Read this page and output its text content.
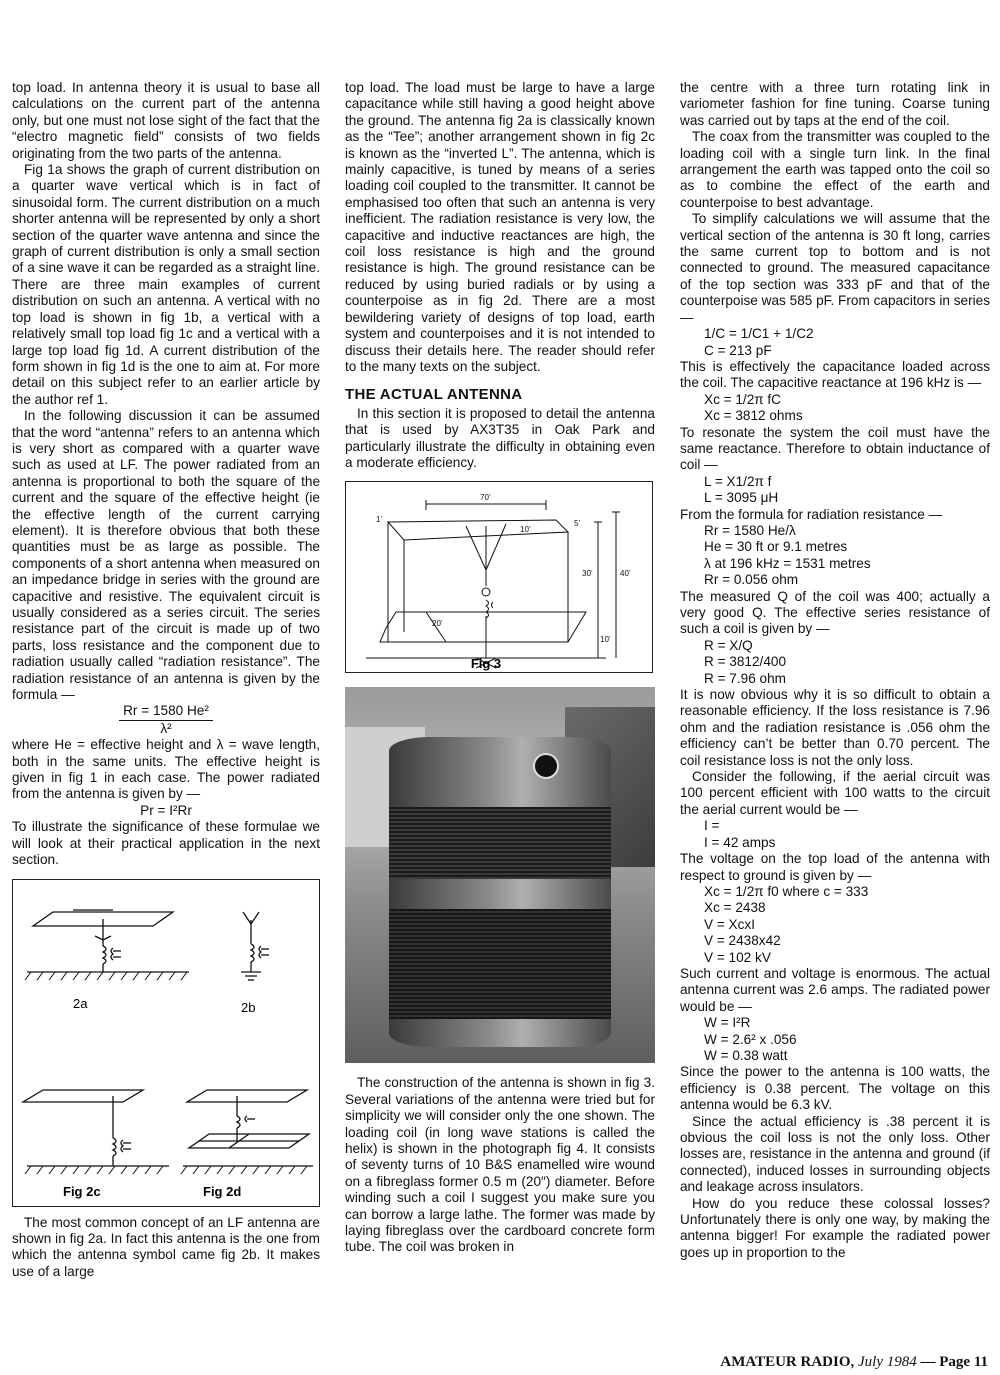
top load. In antenna theory it is usual to base all calculations on the current part of the antenna only, but one must not lose sight of the fact that the “electro magnetic field” consists of two fields originating from the two parts of the antenna.

Fig 1a shows the graph of current distribution on a quarter wave vertical which is in fact of sinusoidal form. The current distribution on a much shorter antenna will be represented by only a short section of the quarter wave antenna and since the graph of current distribution is only a small section of a sine wave it can be regarded as a straight line. There are three main examples of current distribution on such an antenna. A vertical with no top load is shown in fig 1b, a vertical with a relatively small top load fig 1c and a vertical with a large top load fig 1d. A current distribution of the form shown in fig 1d is the one to aim at. For more detail on this subject refer to an earlier article by the author ref 1.

In the following discussion it can be assumed that the word “antenna” refers to an antenna which is very short as compared with a quarter wave such as used at LF. The power radiated from an antenna is proportional to both the square of the current and the square of the effective height (ie the effective length of the current carrying element). It is therefore obvious that both these quantities must be as large as possible. The components of a short antenna when measured on an impedance bridge in series with the ground are capacitive and resistive. The equivalent circuit is usually considered as a series circuit. The series resistance part of the circuit is made up of two parts, loss resistance and the component due to radiation usually called “radiation resistance”. The radiation resistance of an antenna is given by the formula —

Rr = 1580 He²
λ²

where He = effective height and λ = wave length, both in the same units. The effective height is given in fig 1 in each case. The power radiated from the antenna is given by —

Pr = I²Rr

To illustrate the significance of these formulae we will look at their practical application in the next section.

2a	2b
Fig 2c	Fig 2d

The most common concept of an LF antenna are shown in fig 2a. In fact this antenna is the one from which the antenna symbol came fig 2b. It makes use of a large

top load. The load must be large to have a large capacitance while still having a good height above the ground. The antenna fig 2a is classically known as the “Tee”; another arrangement shown in fig 2c is known as the “inverted L”. The antenna, which is mainly capacitive, is tuned by means of a series loading coil coupled to the transmitter. It cannot be emphasised too often that such an antenna is very inefficient. The radiation resistance is very low, the capacitive and inductive reactances are high, the coil loss resistance is high and the ground resistance is high. The ground resistance can be reduced by using buried radials or by using a counterpoise as in fig 2d. There are a most bewildering variety of designs of top load, earth system and counterpoises and it is not intended to discuss their details here. The reader should refer to the many texts on the subject.

THE ACTUAL ANTENNA

In this section it is proposed to detail the antenna that is used by AX3T35 in Oak Park and particularly illustrate the difficulty in obtaining even a moderate efficiency.

70’
10’
5’
20’
30’	40’
10’
1’
Fig 3

The construction of the antenna is shown in fig 3. Several variations of the antenna were tried but for simplicity we will consider only the one shown. The loading coil (in long wave stations is called the helix) is shown in the photograph fig 4. It consists of seventy turns of 10 B&S enamelled wire wound on a fibreglass former 0.5 m (20″) diameter. Before winding such a coil I suggest you make sure you can borrow a large lathe. The former was made by laying fibreglass over the cardboard concrete form tube. The coil was broken in

the centre with a three turn rotating link in variometer fashion for fine tuning. Coarse tuning was carried out by taps at the end of the coil.

The coax from the transmitter was coupled to the loading coil with a single turn link. In the final arrangement the earth was tapped onto the coil so as to combine the effect of the earth and counterpoise to best advantage.

To simplify calculations we will assume that the vertical section of the antenna is 30 ft long, carries the same current top to bottom and is not connected to ground. The measured capacitance of the top section was 333 pF and that of the counterpoise was 585 pF. From capacitors in series —

1/C = 1/C1 + 1/C2
C = 213 pF

This is effectively the capacitance loaded across the coil. The capacitive reactance at 196 kHz is —

Xc = 1/2π fC
Xc = 3812 ohms

To resonate the system the coil must have the same reactance. Therefore to obtain inductance of coil —

L = X1/2π f
L = 3095 μH

From the formula for radiation resistance —

Rr = 1580 He/λ
He = 30 ft or 9.1 metres
λ at 196 kHz = 1531 metres
Rr = 0.056 ohm

The measured Q of the coil was 400; actually a very good Q. The effective series resistance of such a coil is given by —

R = X/Q
R = 3812/400
R = 7.96 ohm

It is now obvious why it is so difficult to obtain a reasonable efficiency. If the loss resistance is 7.96 ohm and the radiation resistance is .056 ohm the efficiency can’t be better than 0.70 percent. The coil resistance loss is not the only loss.

Consider the following, if the aerial circuit was 100 percent efficient with 100 watts to the circuit the aerial current would be —

I =
I = 42 amps

The voltage on the top load of the antenna with respect to ground is given by —

Xc = 1/2π f0 where c = 333
Xc = 2438
V = XcxI
V = 2438x42
V = 102 kV

Such current and voltage is enormous. The actual antenna current was 2.6 amps. The radiated power would be —

W = I²R
W = 2.6² x .056
W = 0.38 watt

Since the power to the antenna is 100 watts, the efficiency is 0.38 percent. The voltage on this antenna would be 6.3 kV.

Since the actual efficiency is .38 percent it is obvious the coil loss is not the only loss. Other losses are, resistance in the antenna and ground (if connected), induced losses in surrounding objects and leakage across insulators.

How do you reduce these colossal losses? Unfortunately there is only one way, by making the antenna bigger! For example the radiated power goes up in proportion to the

AMATEUR RADIO, July 1984 — Page 11
